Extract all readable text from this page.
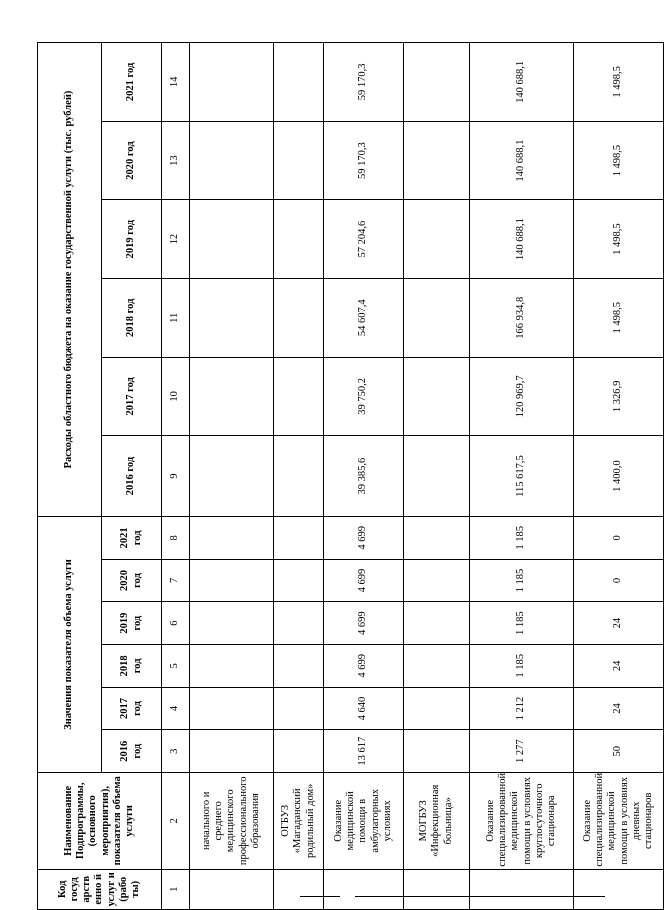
Код госуд арств енно й услуг и (рабо ты)	Наименование Подпрограммы, (основного мероприятия), показателя объема услуги	Значения показателя объема услуги						Расходы областного бюджета на оказание государственной услуги (тыс. рублей)					
		2016 год	2017 год	2018 год	2019 год	2020 год	2021 год	2016 год	2017 год	2018 год	2019 год	2020 год	2021 год
1	2	3	4	5	6	7	8	9	10	11	12	13	14
	начального и среднего медицинского профессионального образования												
	ОГБУЗ «Магаданский родильный дом»												
	Оказание медицинской помощи в амбулаторных условиях	13 617	4 640	4 699	4 699	4 699	4 699	39 385,6	39 750,2	54 607,4	57 204,6	59 170,3	59 170,3
	МОГБУЗ «Инфекционная больница»												
	Оказание специализированной медицинской помощи в условиях круглосуточного стационара	1 277	1 212	1 185	1 185	1 185	1 185	115 617,5	120 969,7	166 934,8	140 688,1	140 688,1	140 688,1
	Оказание специализированной медицинской помощи в условиях дневных стационаров	50	24	24	24	0	0	1 400,0	1 326,9	1 498,5	1 498,5	1 498,5	1 498,5
